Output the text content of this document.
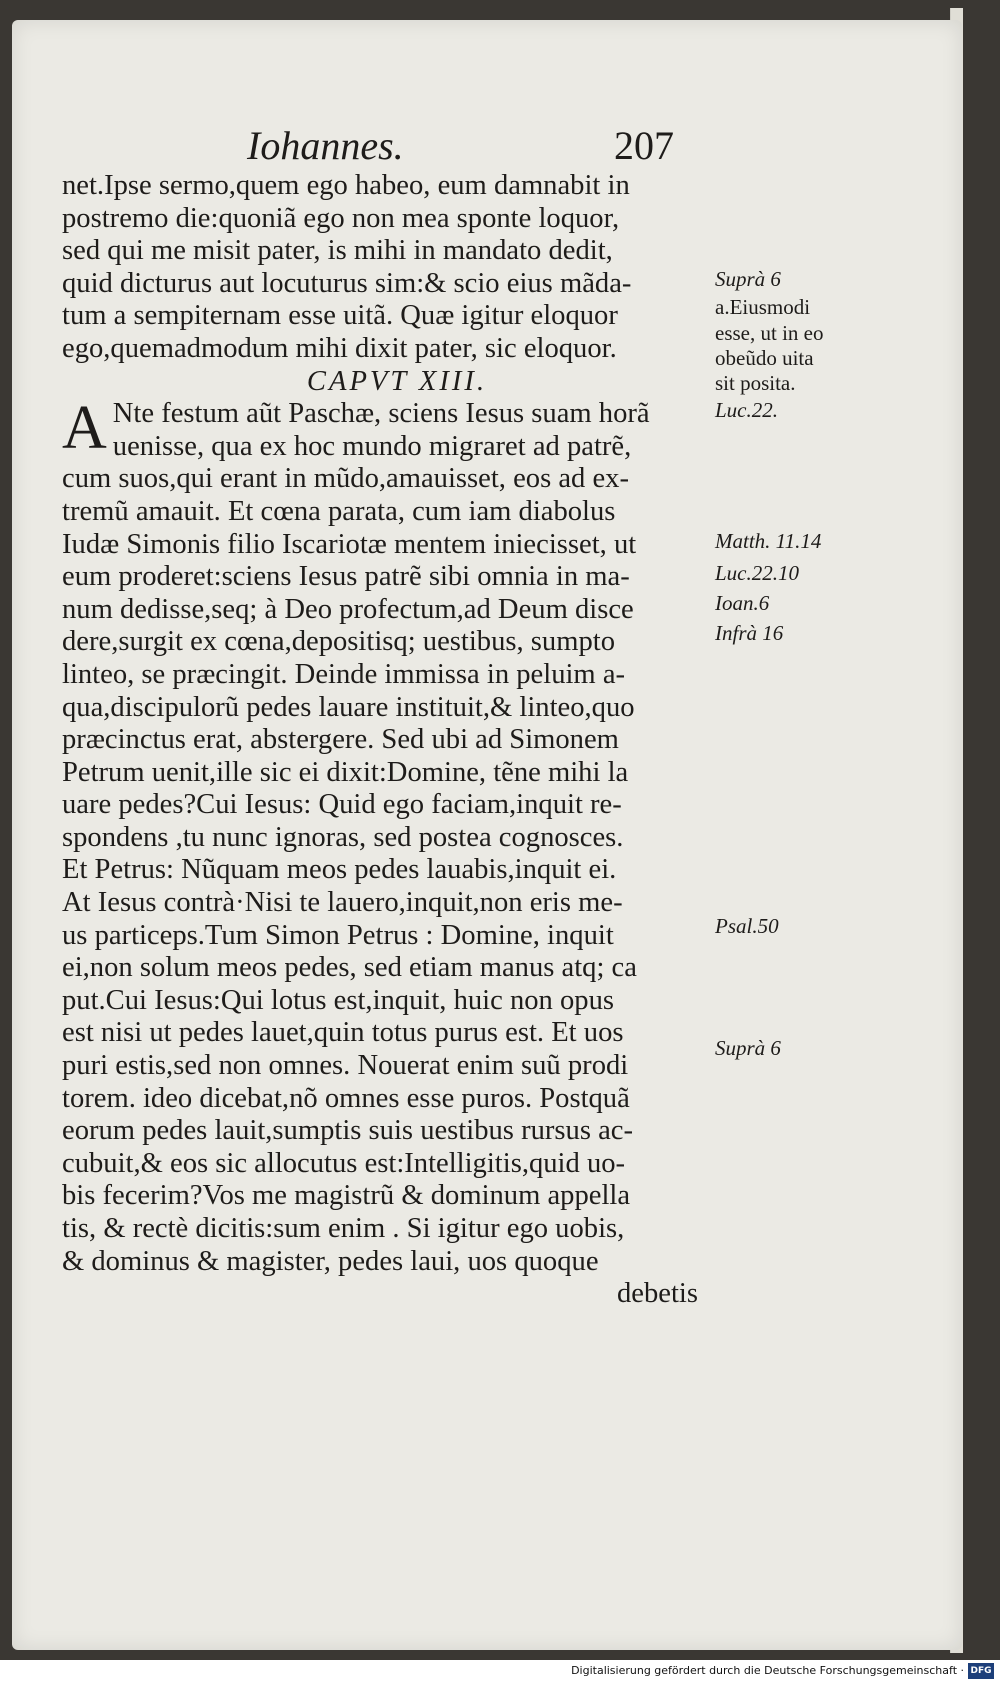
Iohannes.	207
net.Ipse sermo,quem ego habeo, eum damnabit in
postremo die:quoniã ego non mea sponte loquor,
sed qui me misit pater, is mihi in mandato dedit,
quid dicturus aut locuturus sim:& scio eius mãda-
tum a sempiternam esse uitã. Quæ igitur eloquor
ego,quemadmodum mihi dixit pater, sic eloquor.
CAPVT XIII.
A Nte festum aũt Paschæ, sciens Iesus suam horã
uenisse, qua ex hoc mundo migraret ad patrẽ,
cum suos,qui erant in mũdo,amauisset, eos ad ex-
tremũ amauit. Et cœna parata, cum iam diabolus
Iudæ Simonis filio Iscariotæ mentem iniecisset, ut
eum proderet:sciens Iesus patrẽ sibi omnia in ma-
num dedisse,seq; à Deo profectum,ad Deum disce
dere,surgit ex cœna,depositisq; uestibus, sumpto
linteo, se præcingit. Deinde immissa in peluim a-
qua,discipulorũ pedes lauare instituit,& linteo,quo
præcinctus erat, abstergere. Sed ubi ad Simonem
Petrum uenit,ille sic ei dixit:Domine, tẽne mihi la
uare pedes?Cui Iesus: Quid ego faciam,inquit re-
spondens ,tu nunc ignoras, sed postea cognosces.
Et Petrus: Nũquam meos pedes lauabis,inquit ei.
At Iesus contrà·Nisi te lauero,inquit,non eris me-
us particeps.Tum Simon Petrus : Domine, inquit
ei,non solum meos pedes, sed etiam manus atq; ca
put.Cui Iesus:Qui lotus est,inquit, huic non opus
est nisi ut pedes lauet,quin totus purus est. Et uos
puri estis,sed non omnes. Nouerat enim suũ prodi
torem. ideo dicebat,nõ omnes esse puros. Postquã
eorum pedes lauit,sumptis suis uestibus rursus ac-
cubuit,& eos sic allocutus est:Intelligitis,quid uo-
bis fecerim?Vos me magistrũ & dominum appella
tis, & rectè dicitis:sum enim . Si igitur ego uobis,
& dominus & magister, pedes laui, uos quoque
debetis
Suprà 6
a.Eiusmodi
esse, ut in eo
obeũdo uita
sit posita.
Luc.22.
Matth. 11.14
Luc.22.10
Ioan.6
Infrà 16
Psal.50
Suprà 6
Digitalisierung gefördert durch die Deutsche Forschungsgemeinschaft · DFG
